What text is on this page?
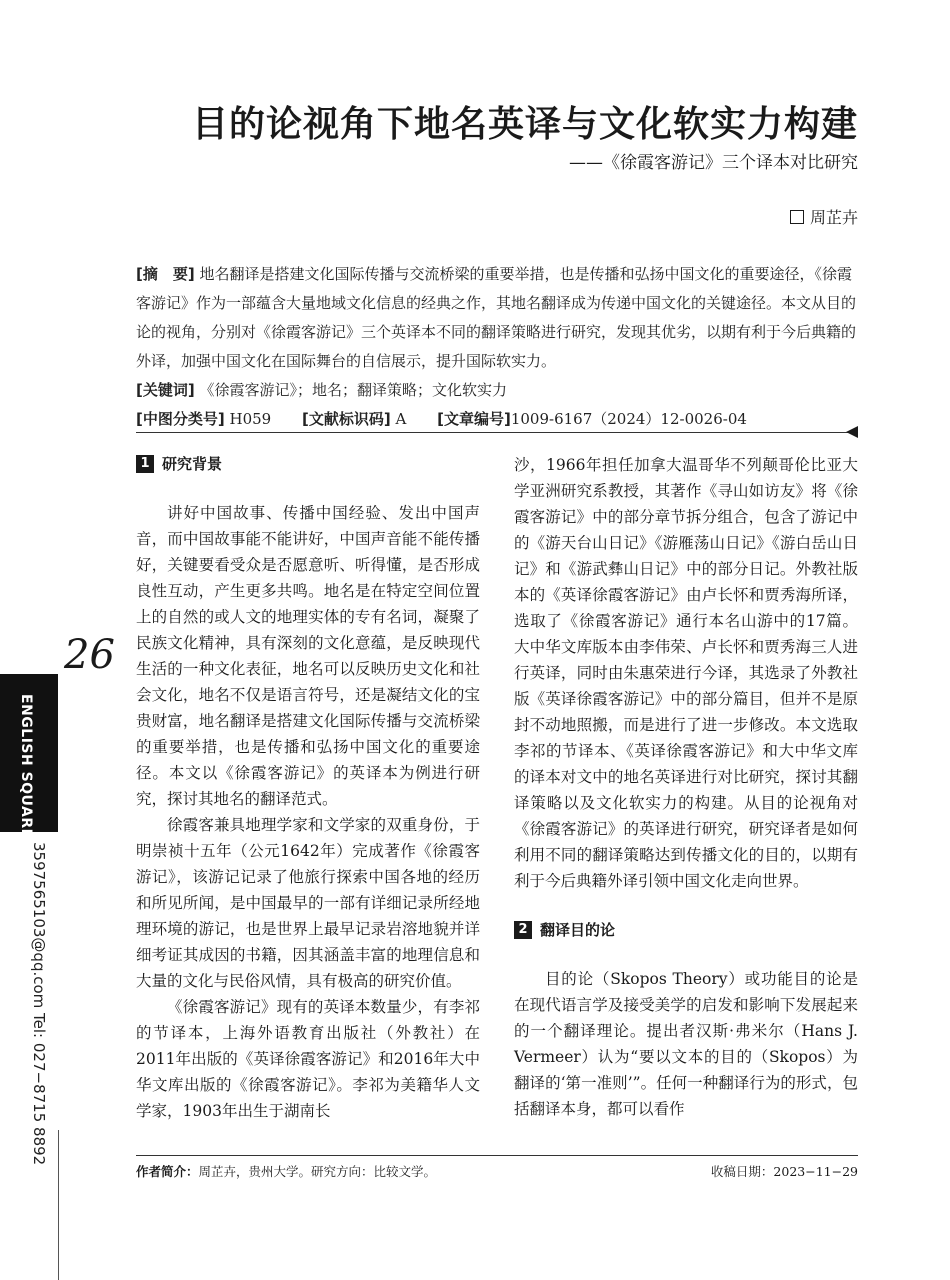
目的论视角下地名英译与文化软实力构建
——《徐霞客游记》三个译本对比研究
周芷卉

[摘　要] 地名翻译是搭建文化国际传播与交流桥梁的重要举措，也是传播和弘扬中国文化的重要途径，《徐霞客游记》作为一部蕴含大量地域文化信息的经典之作，其地名翻译成为传递中国文化的关键途径。本文从目的论的视角，分别对《徐霞客游记》三个英译本不同的翻译策略进行研究，发现其优劣，以期有利于今后典籍的外译，加强中国文化在国际舞台的自信展示，提升国际软实力。

[关键词] 《徐霞客游记》；地名；翻译策略；文化软实力

[中图分类号] H059 [文献标识码] A [文章编号]1009-6167（2024）12-0026-04

1 研究背景

讲好中国故事、传播中国经验、发出中国声音，而中国故事能不能讲好，中国声音能不能传播好，关键要看受众是否愿意听、听得懂，是否形成良性互动，产生更多共鸣。地名是在特定空间位置上的自然的或人文的地理实体的专有名词，凝聚了民族文化精神，具有深刻的文化意蕴，是反映现代生活的一种文化表征，地名可以反映历史文化和社会文化，地名不仅是语言符号，还是凝结文化的宝贵财富，地名翻译是搭建文化国际传播与交流桥梁的重要举措，也是传播和弘扬中国文化的重要途径。本文以《徐霞客游记》的英译本为例进行研究，探讨其地名的翻译范式。

徐霞客兼具地理学家和文学家的双重身份，于明崇祯十五年（公元1642年）完成著作《徐霞客游记》，该游记记录了他旅行探索中国各地的经历和所见所闻，是中国最早的一部有详细记录所经地理环境的游记，也是世界上最早记录岩溶地貌并详细考证其成因的书籍，因其涵盖丰富的地理信息和大量的文化与民俗风情，具有极高的研究价值。

《徐霞客游记》现有的英译本数量少，有李祁的节译本，上海外语教育出版社（外教社）在2011年出版的《英译徐霞客游记》和2016年大中华文库出版的《徐霞客游记》。李祁为美籍华人文学家，1903年出生于湖南长

沙，1966年担任加拿大温哥华不列颠哥伦比亚大学亚洲研究系教授，其著作《寻山如访友》将《徐霞客游记》中的部分章节拆分组合，包含了游记中的《游天台山日记》《游雁荡山日记》《游白岳山日记》和《游武彝山日记》中的部分日记。外教社版本的《英译徐霞客游记》由卢长怀和贾秀海所译，选取了《徐霞客游记》通行本名山游中的17篇。大中华文库版本由李伟荣、卢长怀和贾秀海三人进行英译，同时由朱惠荣进行今译，其选录了外教社版《英译徐霞客游记》中的部分篇目，但并不是原封不动地照搬，而是进行了进一步修改。本文选取李祁的节译本、《英译徐霞客游记》和大中华文库的译本对文中的地名英译进行对比研究，探讨其翻译策略以及文化软实力的构建。从目的论视角对《徐霞客游记》的英译进行研究，研究译者是如何利用不同的翻译策略达到传播文化的目的，以期有利于今后典籍外译引领中国文化走向世界。

2 翻译目的论

目的论（Skopos Theory）或功能目的论是在现代语言学及接受美学的启发和影响下发展起来的一个翻译理论。提出者汉斯·弗米尔（Hans J. Vermeer）认为“要以文本的目的（Skopos）为翻译的‘第一准则’”。任何一种翻译行为的形式，包括翻译本身，都可以看作

26
ENGLISH SQUARE
3597565103@qq.com Tel: 027−8715 8892
作者简介：周芷卉，贵州大学。研究方向：比较文学。	收稿日期：2023−11−29
